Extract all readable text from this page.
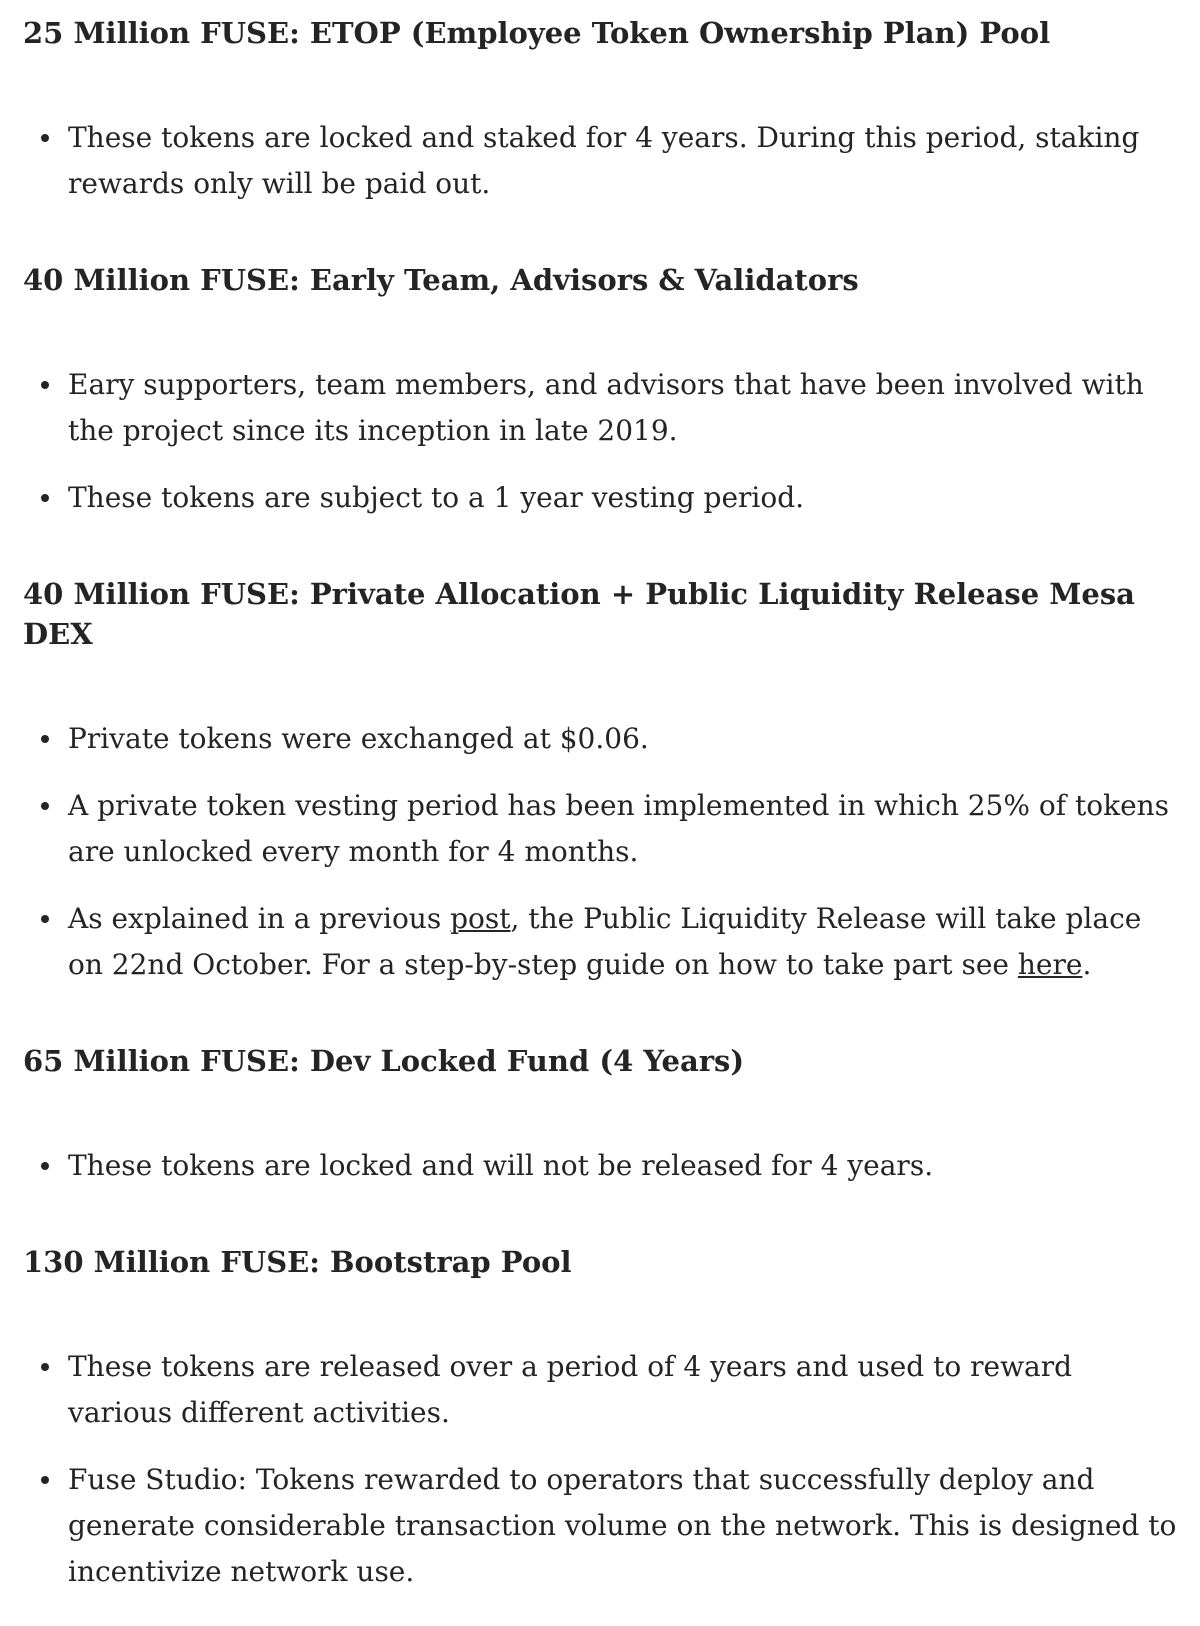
25 Million FUSE: ETOP (Employee Token Ownership Plan) Pool
These tokens are locked and staked for 4 years. During this period, staking rewards only will be paid out.
40 Million FUSE: Early Team, Advisors & Validators
Eary supporters, team members, and advisors that have been involved with the project since its inception in late 2019.
These tokens are subject to a 1 year vesting period.
40 Million FUSE: Private Allocation + Public Liquidity Release Mesa DEX
Private tokens were exchanged at $0.06.
A private token vesting period has been implemented in which 25% of tokens are unlocked every month for 4 months.
As explained in a previous post, the Public Liquidity Release will take place on 22nd October. For a step-by-step guide on how to take part see here.
65 Million FUSE: Dev Locked Fund (4 Years)
These tokens are locked and will not be released for 4 years.
130 Million FUSE: Bootstrap Pool
These tokens are released over a period of 4 years and used to reward various different activities.
Fuse Studio: Tokens rewarded to operators that successfully deploy and generate considerable transaction volume on the network. This is designed to incentivize network use.
